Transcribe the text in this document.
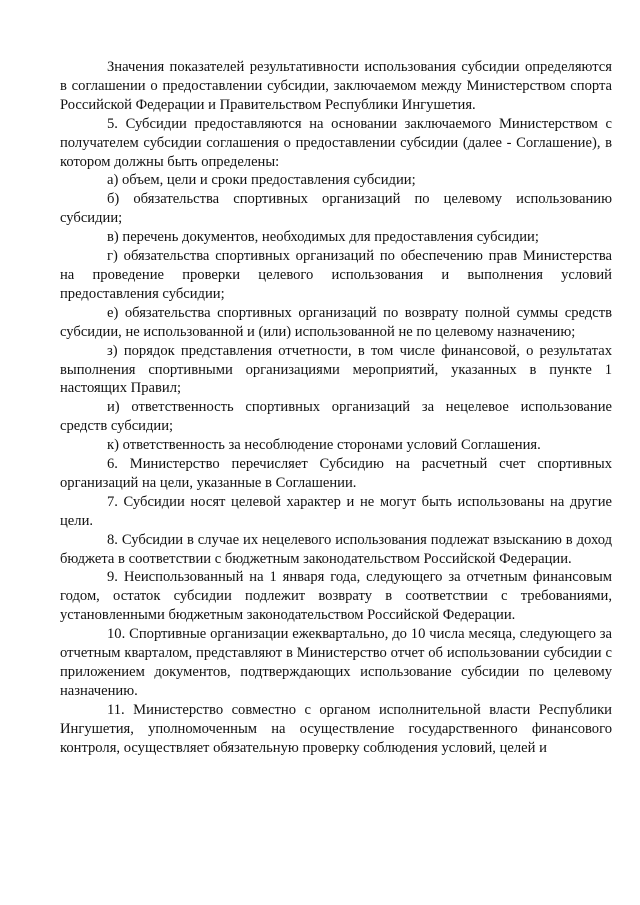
Значения показателей результативности использования субсидии определяются в соглашении о предоставлении субсидии, заключаемом между Министерством спорта Российской Федерации и Правительством Республики Ингушетия.

5. Субсидии предоставляются на основании заключаемого Министерством с получателем субсидии соглашения о предоставлении субсидии (далее - Соглашение), в котором должны быть определены:

а) объем, цели и сроки предоставления субсидии;

б) обязательства спортивных организаций по целевому использованию субсидии;

в) перечень документов, необходимых для предоставления субсидии;

г) обязательства спортивных организаций по обеспечению прав Министерства на проведение проверки целевого использования и выполнения условий предоставления субсидии;

е) обязательства спортивных организаций по возврату полной суммы средств субсидии, не использованной и (или) использованной не по целевому назначению;

з) порядок представления отчетности, в том числе финансовой, о результатах выполнения спортивными организациями мероприятий, указанных в пункте 1 настоящих Правил;

и) ответственность спортивных организаций за нецелевое использование средств субсидии;

к) ответственность за несоблюдение сторонами условий Соглашения.

6. Министерство перечисляет Субсидию на расчетный счет спортивных организаций на цели, указанные в Соглашении.

7. Субсидии носят целевой характер и не могут быть использованы на другие цели.

8. Субсидии в случае их нецелевого использования подлежат взысканию в доход бюджета в соответствии с бюджетным законодательством Российской Федерации.

9. Неиспользованный на 1 января года, следующего за отчетным финансовым годом, остаток субсидии подлежит возврату в соответствии с требованиями, установленными бюджетным законодательством Российской Федерации.

10. Спортивные организации ежеквартально, до 10 числа месяца, следующего за отчетным кварталом, представляют в Министерство отчет об использовании субсидии с приложением документов, подтверждающих использование субсидии по целевому назначению.

11. Министерство совместно с органом исполнительной власти Республики Ингушетия, уполномоченным на осуществление государственного финансового контроля, осуществляет обязательную проверку соблюдения условий, целей и
